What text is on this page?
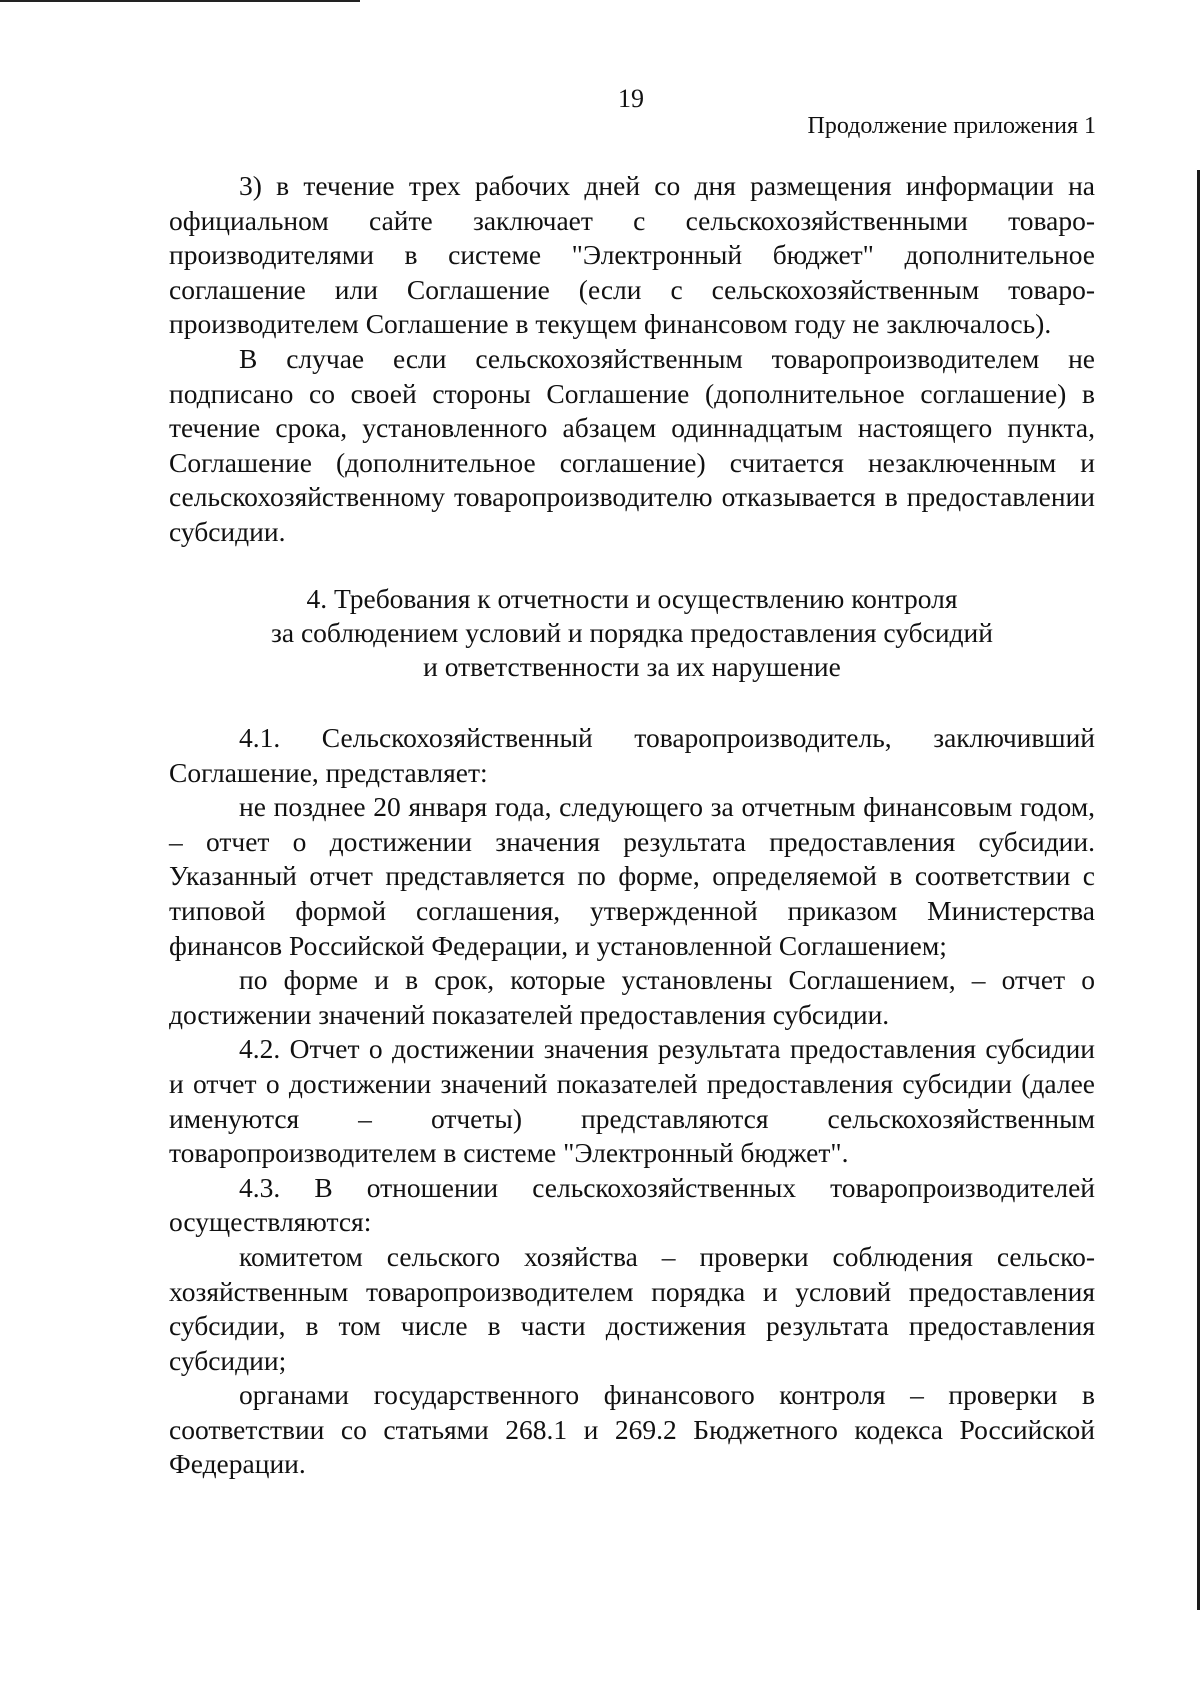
19
Продолжение приложения 1

3) в течение трех рабочих дней со дня размещения информации на официальном сайте заключает с сельскохозяйственными товаропроизводителями в системе "Электронный бюджет" дополнительное соглашение или Соглашение (если с сельскохозяйственным товаропроизводителем Соглашение в текущем финансовом году не заключалось).

В случае если сельскохозяйственным товаропроизводителем не подписано со своей стороны Соглашение (дополнительное соглашение) в течение срока, установленного абзацем одиннадцатым настоящего пункта, Соглашение (дополнительное соглашение) считается незаключенным и сельскохозяйственному товаропроизводителю отказывается в предоставлении субсидии.

4. Требования к отчетности и осуществлению контроля
за соблюдением условий и порядка предоставления субсидий
и ответственности за их нарушение

4.1. Сельскохозяйственный товаропроизводитель, заключивший Соглашение, представляет:

не позднее 20 января года, следующего за отчетным финансовым годом, – отчет о достижении значения результата предоставления субсидии. Указанный отчет представляется по форме, определяемой в соответствии с типовой формой соглашения, утвержденной приказом Министерства финансов Российской Федерации, и установленной Соглашением;

по форме и в срок, которые установлены Соглашением, – отчет о достижении значений показателей предоставления субсидии.

4.2. Отчет о достижении значения результата предоставления субсидии и отчет о достижении значений показателей предоставления субсидии (далее именуются – отчеты) представляются сельскохозяйственным товаропроизводителем в системе "Электронный бюджет".

4.3. В отношении сельскохозяйственных товаропроизводителей осуществляются:

комитетом сельского хозяйства – проверки соблюдения сельскохозяйственным товаропроизводителем порядка и условий предоставления субсидии, в том числе в части достижения результата предоставления субсидии;

органами государственного финансового контроля – проверки в соответствии со статьями 268.1 и 269.2 Бюджетного кодекса Российской Федерации.
